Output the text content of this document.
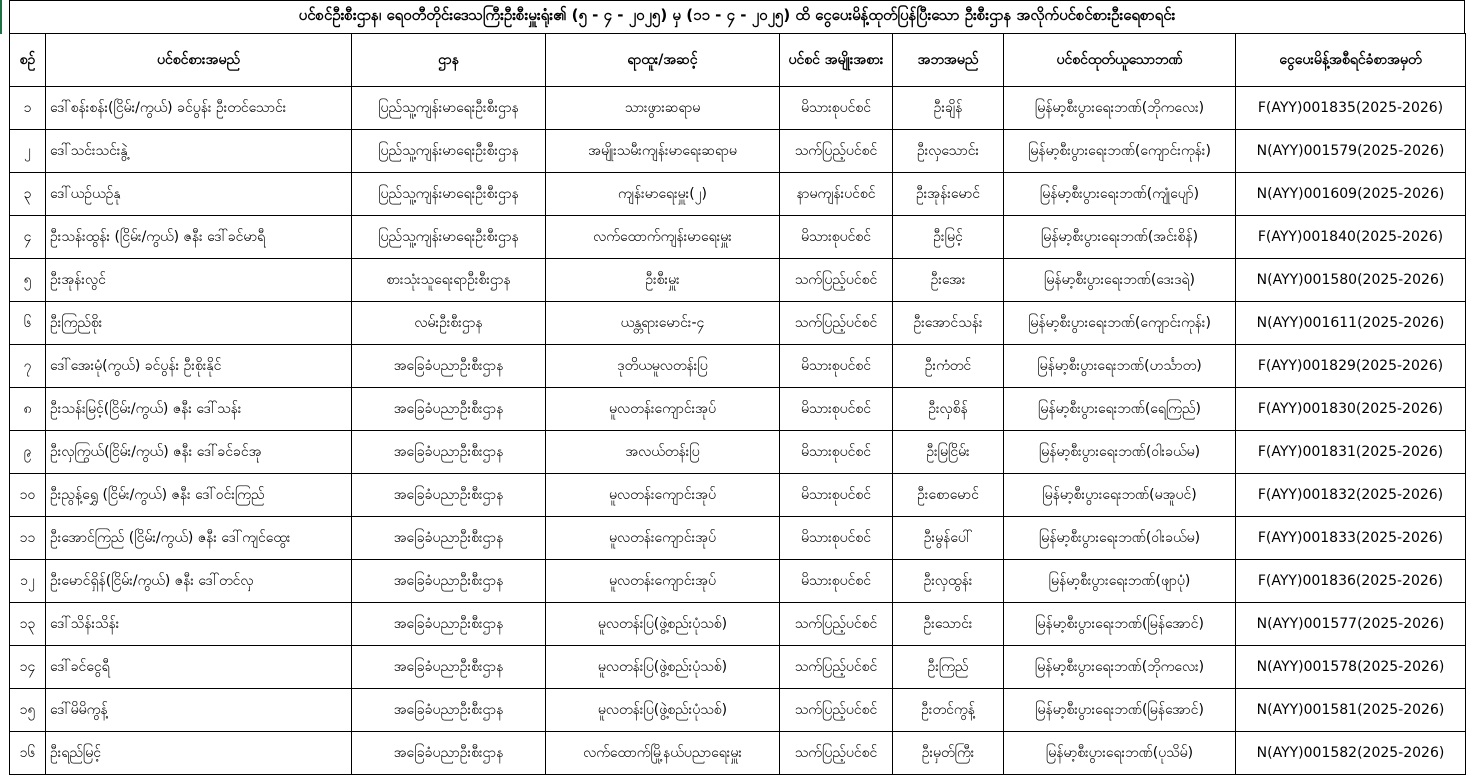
ပင်စင်ဦးစီးဌာန၊ ရေဝတီတိုင်းဒေသကြီးဦးစီးမှူးရုံး၏ (၅ - ၄ - ၂၀၂၅) မှ (၁၁ - ၄ - ၂၀၂၅) ထိ ငွေပေးမိန့်ထုတ်ပြန်ပြီးသော ဦးစီးဌာန အလိုက်ပင်စင်စားဦးရေစာရင်း
စဉ်	ပင်စင်စားအမည်	ဌာန	ရာထူး/အဆင့်	ပင်စင် အမျိုးအစား	အဘအမည်	ပင်စင်ထုတ်ယူသောဘဏ်	ငွေပေးမိန့်အစီရင်ခံစာအမှတ်
၁	ဒေါ်စန်းစန်း(ငြိမ်း/ကွယ်) ခင်ပွန်း ဦးတင်သောင်း	ပြည်သူ့ကျန်းမာရေးဦးစီးဌာန	သားဖွားဆရာမ	မိသားစုပင်စင်	ဦးချိန်	မြန်မာ့စီးပွားရေးဘဏ်(ဘိုကလေး)	F(AYY)001835(2025-2026)
၂	ဒေါ်သင်းသင်းနွဲ့	ပြည်သူ့ကျန်းမာရေးဦးစီးဌာန	အမျိုးသမီးကျန်းမာရေးဆရာမ	သက်ပြည့်ပင်စင်	ဦးလှသောင်း	မြန်မာ့စီးပွားရေးဘဏ်(ကျောင်းကုန်း)	N(AYY)001579(2025-2026)
၃	ဒေါ်ယဉ်ယဉ်နု	ပြည်သူ့ကျန်းမာရေးဦးစီးဌာန	ကျန်းမာရေးမှူး(၂)	နာမကျန်းပင်စင်	ဦးအုန်းမောင်	မြန်မာ့စီးပွားရေးဘဏ်(ကျုံပျော်)	N(AYY)001609(2025-2026)
၄	ဦးသန်းထွန်း (ငြိမ်း/ကွယ်) ဇနီး ဒေါ်ခင်မာရီ	ပြည်သူ့ကျန်းမာရေးဦးစီးဌာန	လက်ထောက်ကျန်းမာရေးမှူး	မိသားစုပင်စင်	ဦးမြင့်	မြန်မာ့စီးပွားရေးဘဏ်(အင်းစိန်)	F(AYY)001840(2025-2026)
၅	ဦးအုန်းလွင်	စားသုံးသူရေးရာဦးစီးဌာန	ဦးစီးမှူး	သက်ပြည့်ပင်စင်	ဦးအေး	မြန်မာ့စီးပွားရေးဘဏ်(ဒေးဒရဲ)	N(AYY)001580(2025-2026)
၆	ဦးကြည်စိုး	လမ်းဦးစီးဌာန	ယန္တရားမောင်း-၄	သက်ပြည့်ပင်စင်	ဦးအောင်သန်း	မြန်မာ့စီးပွားရေးဘဏ်(ကျောင်းကုန်း)	N(AYY)001611(2025-2026)
၇	ဒေါ်အေးမုံ(ကွယ်) ခင်ပွန်း ဦးစိုးနိုင်	အခြေခံပညာဦးစီးဌာန	ဒုတိယမူလတန်းပြ	မိသားစုပင်စင်	ဦးကံတင်	မြန်မာ့စီးပွားရေးဘဏ်(ဟင်္သာတ)	F(AYY)001829(2025-2026)
၈	ဦးသန်းမြင့်(ငြိမ်း/ကွယ်) ဇနီး ဒေါ်သန်း	အခြေခံပညာဦးစီးဌာန	မူလတန်းကျောင်းအုပ်	မိသားစုပင်စင်	ဦးလှစိန်	မြန်မာ့စီးပွားရေးဘဏ်(ရေကြည်)	F(AYY)001830(2025-2026)
၉	ဦးလှကြွယ်(ငြိမ်း/ကွယ်) ဇနီး ဒေါ်ခင်ခင်အု	အခြေခံပညာဦးစီးဌာန	အလယ်တန်းပြ	မိသားစုပင်စင်	ဦးမြငြိမ်း	မြန်မာ့စီးပွားရေးဘဏ်(ဝါးခယ်မ)	F(AYY)001831(2025-2026)
၁၀	ဦးညွန့်ရွှေ (ငြိမ်း/ကွယ်) ဇနီး ဒေါ်ဝင်းကြည်	အခြေခံပညာဦးစီးဌာန	မူလတန်းကျောင်းအုပ်	မိသားစုပင်စင်	ဦးစောမောင်	မြန်မာ့စီးပွားရေးဘဏ်(မအူပင်)	F(AYY)001832(2025-2026)
၁၁	ဦးအောင်ကြည် (ငြိမ်း/ကွယ်) ဇနီး ဒေါ်ကျင်ထွေး	အခြေခံပညာဦးစီးဌာန	မူလတန်းကျောင်းအုပ်	မိသားစုပင်စင်	ဦးမွန်ပေါ်	မြန်မာ့စီးပွားရေးဘဏ်(ဝါးခယ်မ)	F(AYY)001833(2025-2026)
၁၂	ဦးမောင်ရှိန်(ငြိမ်း/ကွယ်) ဇနီး ဒေါ်တင်လှ	အခြေခံပညာဦးစီးဌာန	မူလတန်းကျောင်းအုပ်	မိသားစုပင်စင်	ဦးလှထွန်း	မြန်မာ့စီးပွားရေးဘဏ်(ဖျာပုံ)	F(AYY)001836(2025-2026)
၁၃	ဒေါ်သိန်းသိန်း	အခြေခံပညာဦးစီးဌာန	မူလတန်းပြ(ဖွဲ့စည်းပုံသစ်)	သက်ပြည့်ပင်စင်	ဦးသောင်း	မြန်မာ့စီးပွားရေးဘဏ်(မြန်အောင်)	N(AYY)001577(2025-2026)
၁၄	ဒေါ်ခင်ငွေရီ	အခြေခံပညာဦးစီးဌာန	မူလတန်းပြ(ဖွဲ့စည်းပုံသစ်)	သက်ပြည့်ပင်စင်	ဦးကြည်	မြန်မာ့စီးပွားရေးဘဏ်(ဘိုကလေး)	N(AYY)001578(2025-2026)
၁၅	ဒေါ်မိမိကွန့်	အခြေခံပညာဦးစီးဌာန	မူလတန်းပြ(ဖွဲ့စည်းပုံသစ်)	သက်ပြည့်ပင်စင်	ဦးတင်ကွန့်	မြန်မာ့စီးပွားရေးဘဏ်(မြန်အောင်)	N(AYY)001581(2025-2026)
၁၆	ဦးရည်မြင့်	အခြေခံပညာဦးစီးဌာန	လက်ထောက်မြို့နယ်ပညာရေးမှူး	သက်ပြည့်ပင်စင်	ဦးမှတ်ကြီး	မြန်မာ့စီးပွားရေးဘဏ်(ပုသိမ်)	N(AYY)001582(2025-2026)
